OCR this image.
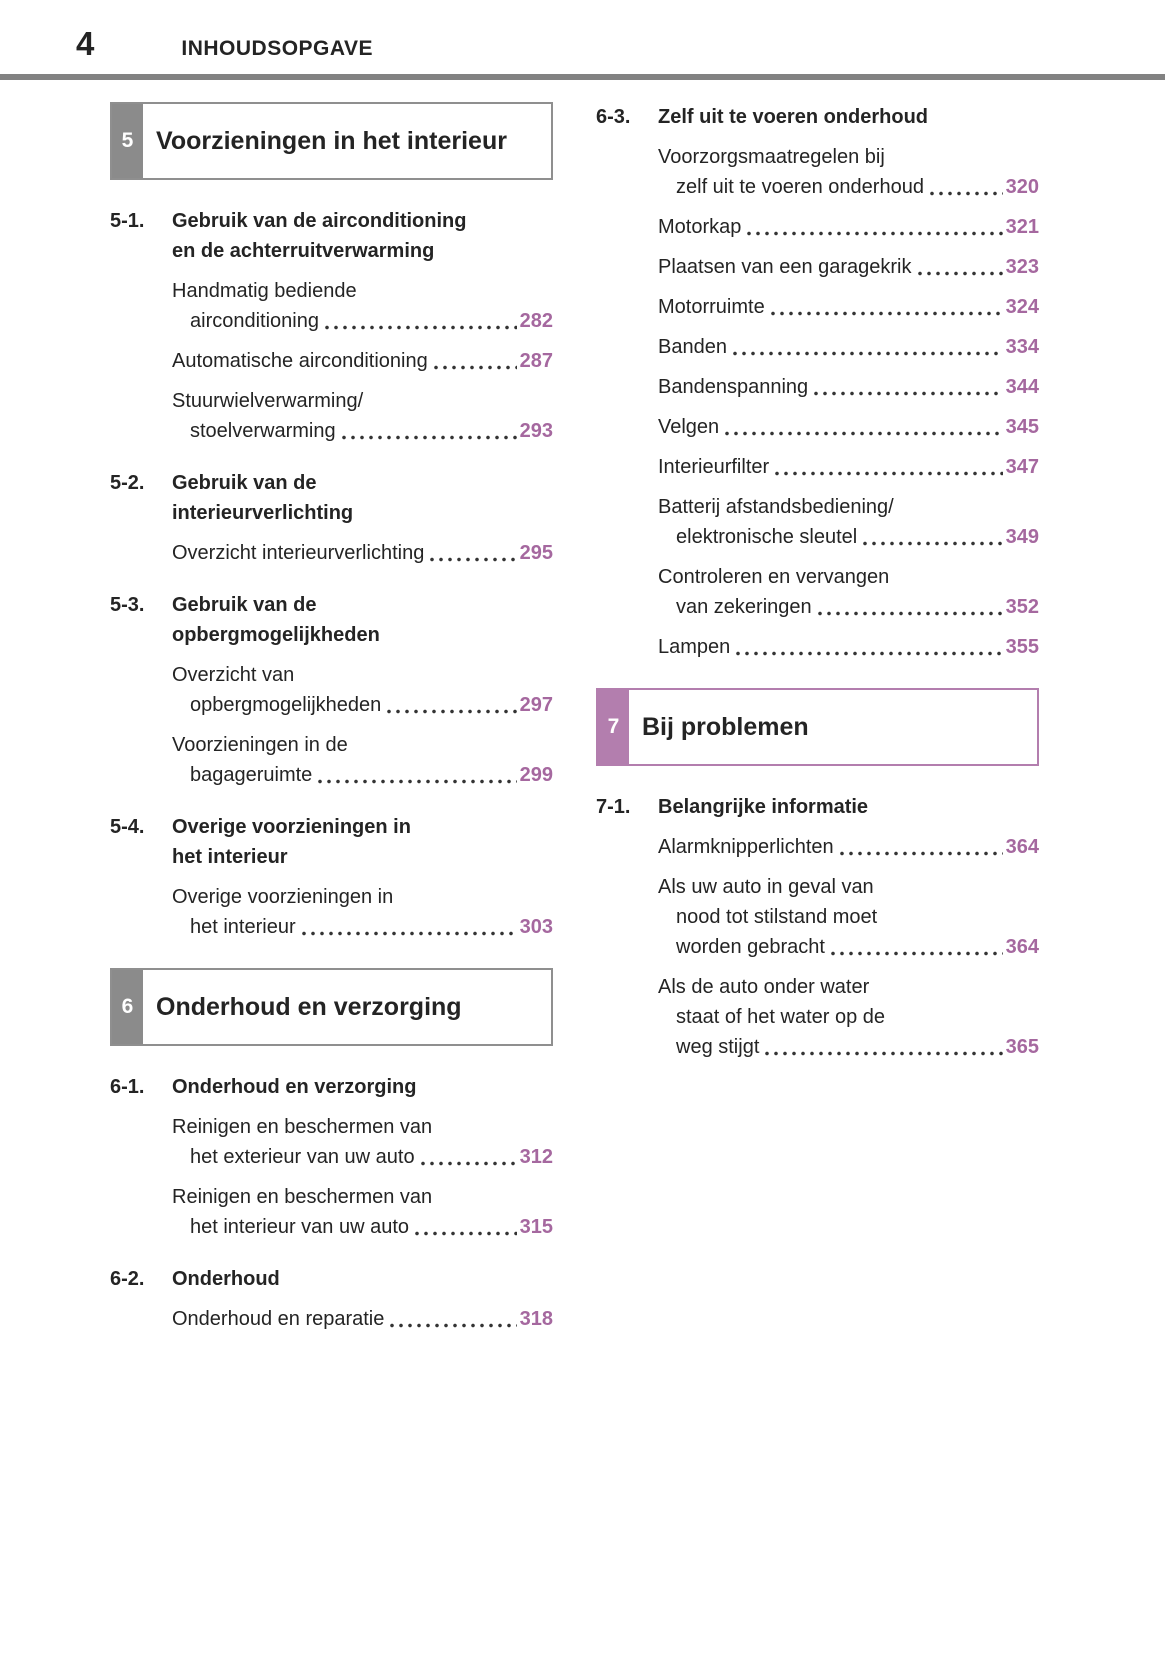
4	INHOUDSOPGAVE
5 Voorzieningen in het interieur
5-1.	Gebruik van de airconditioning
en de achterruitverwarming
Handmatig bediende
airconditioning	282
Automatische airconditioning	287
Stuurwielverwarming/
stoelverwarming	293
5-2.	Gebruik van de
interieurverlichting
Overzicht interieurverlichting	295
5-3.	Gebruik van de
opbergmogelijkheden
Overzicht van
opbergmogelijkheden	297
Voorzieningen in de
bagageruimte	299
5-4.	Overige voorzieningen in
het interieur
Overige voorzieningen in
het interieur	303
6 Onderhoud en verzorging
6-1.	Onderhoud en verzorging
Reinigen en beschermen van
het exterieur van uw auto	312
Reinigen en beschermen van
het interieur van uw auto	315
6-2.	Onderhoud
Onderhoud en reparatie	318
6-3.	Zelf uit te voeren onderhoud
Voorzorgsmaatregelen bij
zelf uit te voeren onderhoud	320
Motorkap	321
Plaatsen van een garagekrik	323
Motorruimte	324
Banden	334
Bandenspanning	344
Velgen	345
Interieurfilter	347
Batterij afstandsbediening/
elektronische sleutel	349
Controleren en vervangen
van zekeringen	352
Lampen	355
7 Bij problemen
7-1.	Belangrijke informatie
Alarmknipperlichten	364
Als uw auto in geval van
nood tot stilstand moet
worden gebracht	364
Als de auto onder water
staat of het water op de
weg stijgt	365
